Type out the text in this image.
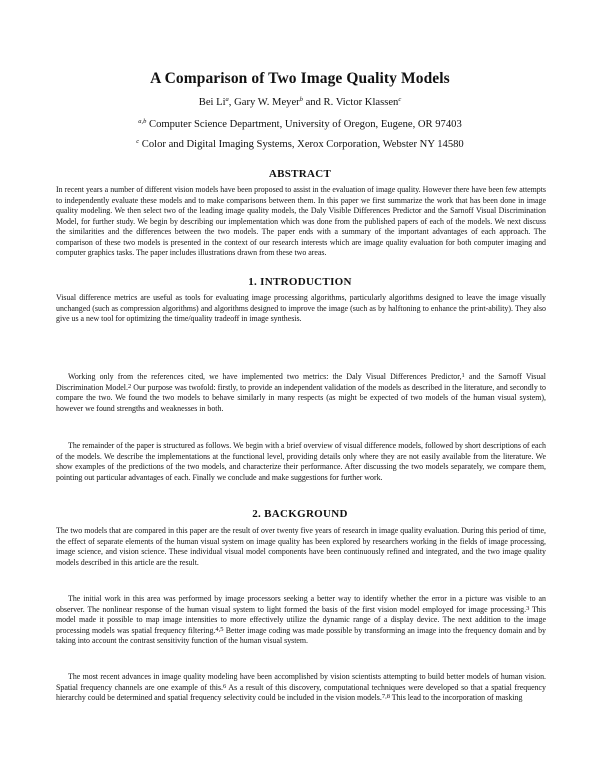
A Comparison of Two Image Quality Models
Bei Li$^a$, Gary W. Meyer$^b$ and R. Victor Klassen$^c$
$^{a,b}$ Computer Science Department, University of Oregon, Eugene, OR 97403
$^c$ Color and Digital Imaging Systems, Xerox Corporation, Webster NY 14580
ABSTRACT

In recent years a number of different vision models have been proposed to assist in the evaluation of image quality. However there have been few attempts to independently evaluate these models and to make comparisons between them. In this paper we first summarize the work that has been done in image quality modeling. We then select two of the leading image quality models, the Daly Visible Differences Predictor and the Sarnoff Visual Discrimination Model, for further study. We begin by describing our implementation which was done from the published papers of each of the models. We next discuss the similarities and the differences between the two models. The paper ends with a summary of the important advantages of each approach. The comparison of these two models is presented in the context of our research interests which are image quality evaluation for both computer imaging and computer graphics tasks. The paper includes illustrations drawn from these two areas.

1. INTRODUCTION

Visual difference metrics are useful as tools for evaluating image processing algorithms, particularly algorithms designed to leave the image visually unchanged (such as compression algorithms) and algorithms designed to improve the image (such as by halftoning to enhance the print-ability). They also give us a new tool for optimizing the time/quality tradeoff in image synthesis.

Working only from the references cited, we have implemented two metrics: the Daly Visual Differences Predictor,$^1$ and the Sarnoff Visual Discrimination Model.$^2$ Our purpose was twofold: firstly, to provide an independent validation of the models as described in the literature, and secondly to compare the two. We found the two models to behave similarly in many respects (as might be expected of two models of the human visual system), however we found strengths and weaknesses in both.

The remainder of the paper is structured as follows. We begin with a brief overview of visual difference models, followed by short descriptions of each of the models. We describe the implementations at the functional level, providing details only where they are not easily available from the literature. We show examples of the predictions of the two models, and characterize their performance. After discussing the two models separately, we compare them, pointing out particular advantages of each. Finally we conclude and make suggestions for further work.

2. BACKGROUND

The two models that are compared in this paper are the result of over twenty five years of research in image quality evaluation. During this period of time, the effect of separate elements of the human visual system on image quality has been explored by researchers working in the fields of image processing, image science, and vision science. These individual visual model components have been continuously refined and integrated, and the two image quality models described in this article are the result.

The initial work in this area was performed by image processors seeking a better way to identify whether the error in a picture was visible to an observer. The nonlinear response of the human visual system to light formed the basis of the first vision model employed for image processing.$^3$ This model made it possible to map image intensities to more effectively utilize the dynamic range of a display device. The next addition to the image processing models was spatial frequency filtering.$^{4,5}$ Better image coding was made possible by transforming an image into the frequency domain and by taking into account the contrast sensitivity function of the human visual system.

The most recent advances in image quality modeling have been accomplished by vision scientists attempting to build better models of human vision. Spatial frequency channels are one example of this.$^6$ As a result of this discovery, computational techniques were developed so that a spatial frequency hierarchy could be determined and spatial frequency selectivity could be included in the vision models.$^{7,8}$ This lead to the incorporation of masking
